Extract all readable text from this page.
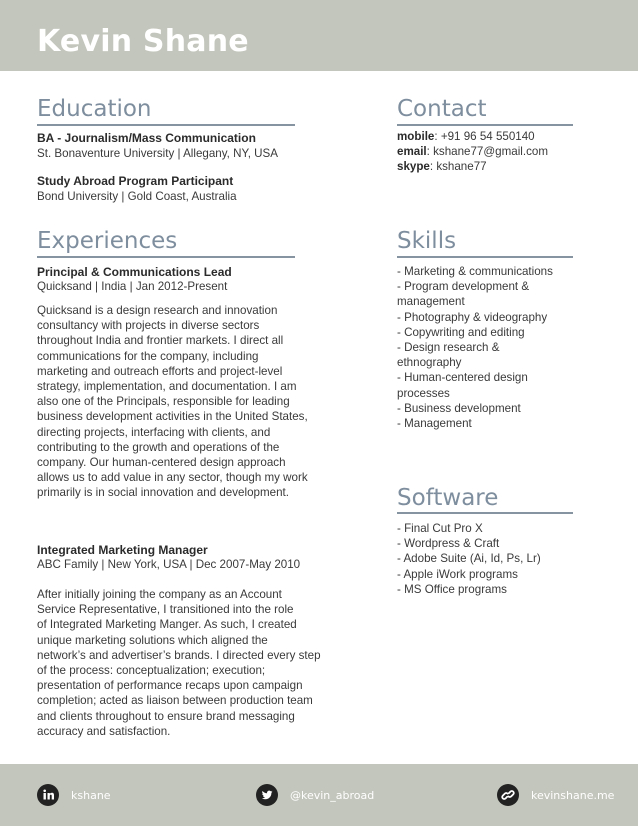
Kevin Shane
Education
BA - Journalism/Mass Communication
St. Bonaventure University | Allegany, NY, USA
Study Abroad Program Participant
Bond University | Gold Coast, Australia
Contact
mobile: +91 96 54 550140
email: kshane77@gmail.com
skype: kshane77
Experiences
Principal & Communications Lead
Quicksand | India | Jan 2012-Present
Quicksand is a design research and innovation
consultancy with projects in diverse sectors
throughout India and frontier markets. I direct all
communications for the company, including
marketing and outreach efforts and project-level
strategy, implementation, and documentation. I am
also one of the Principals, responsible for leading
business development activities in the United States,
directing projects, interfacing with clients, and
contributing to the growth and operations of the
company. Our human-centered design approach
allows us to add value in any sector, though my work
primarily is in social innovation and development.
Integrated Marketing Manager
ABC Family | New York, USA | Dec 2007-May 2010
After initially joining the company as an Account
Service Representative, I transitioned into the role
of Integrated Marketing Manger. As such, I created
unique marketing solutions which aligned the
network’s and advertiser’s brands. I directed every step
of the process: conceptualization; execution;
presentation of performance recaps upon campaign
completion; acted as liaison between production team
and clients throughout to ensure brand messaging
accuracy and satisfaction.
Skills
- Marketing & communications
- Program development &
management
- Photography & videography
- Copywriting and editing
- Design research &
ethnography
- Human-centered design
processes
- Business development
- Management
Software
- Final Cut Pro X
- Wordpress & Craft
- Adobe Suite (Ai, Id, Ps, Lr)
- Apple iWork programs
- MS Office programs
kshane	@kevin_abroad	kevinshane.me
